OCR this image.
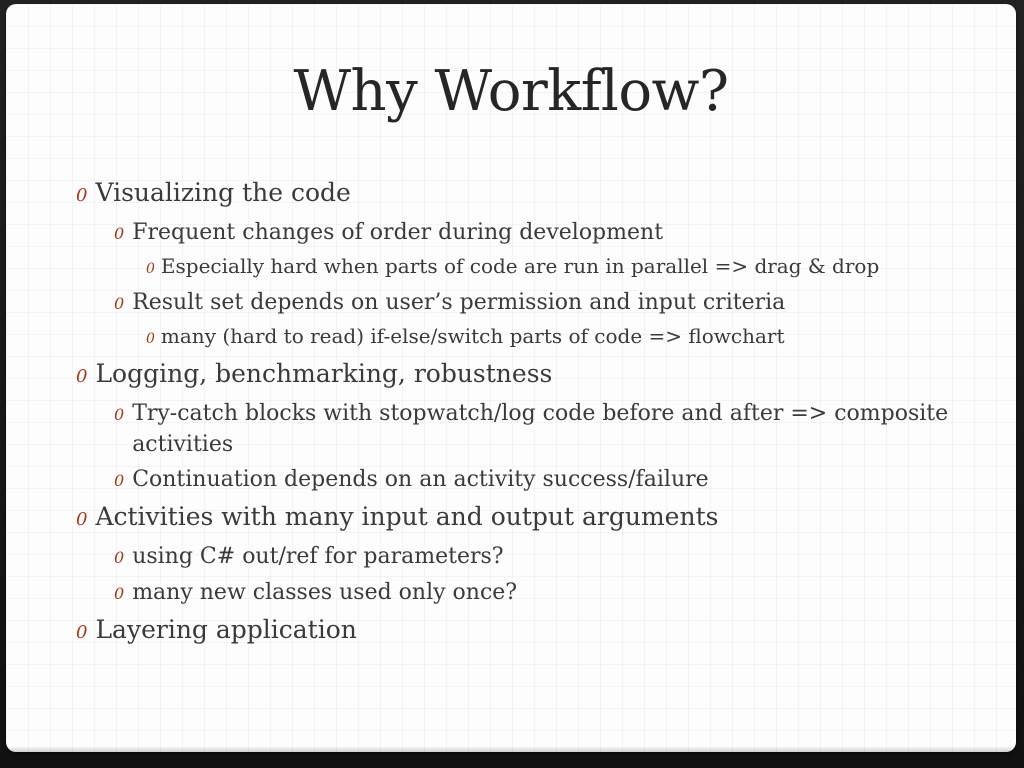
Why Workflow?
0 Visualizing the code
0 Frequent changes of order during development
0 Especially hard when parts of code are run in parallel => drag & drop
0 Result set depends on user’s permission and input criteria
0 many (hard to read) if-else/switch parts of code => flowchart
0 Logging, benchmarking, robustness
0 Try-catch blocks with stopwatch/log code before and after => composite activities
0 Continuation depends on an activity success/failure
0 Activities with many input and output arguments
0 using C# out/ref for parameters?
0 many new classes used only once?
0 Layering application
